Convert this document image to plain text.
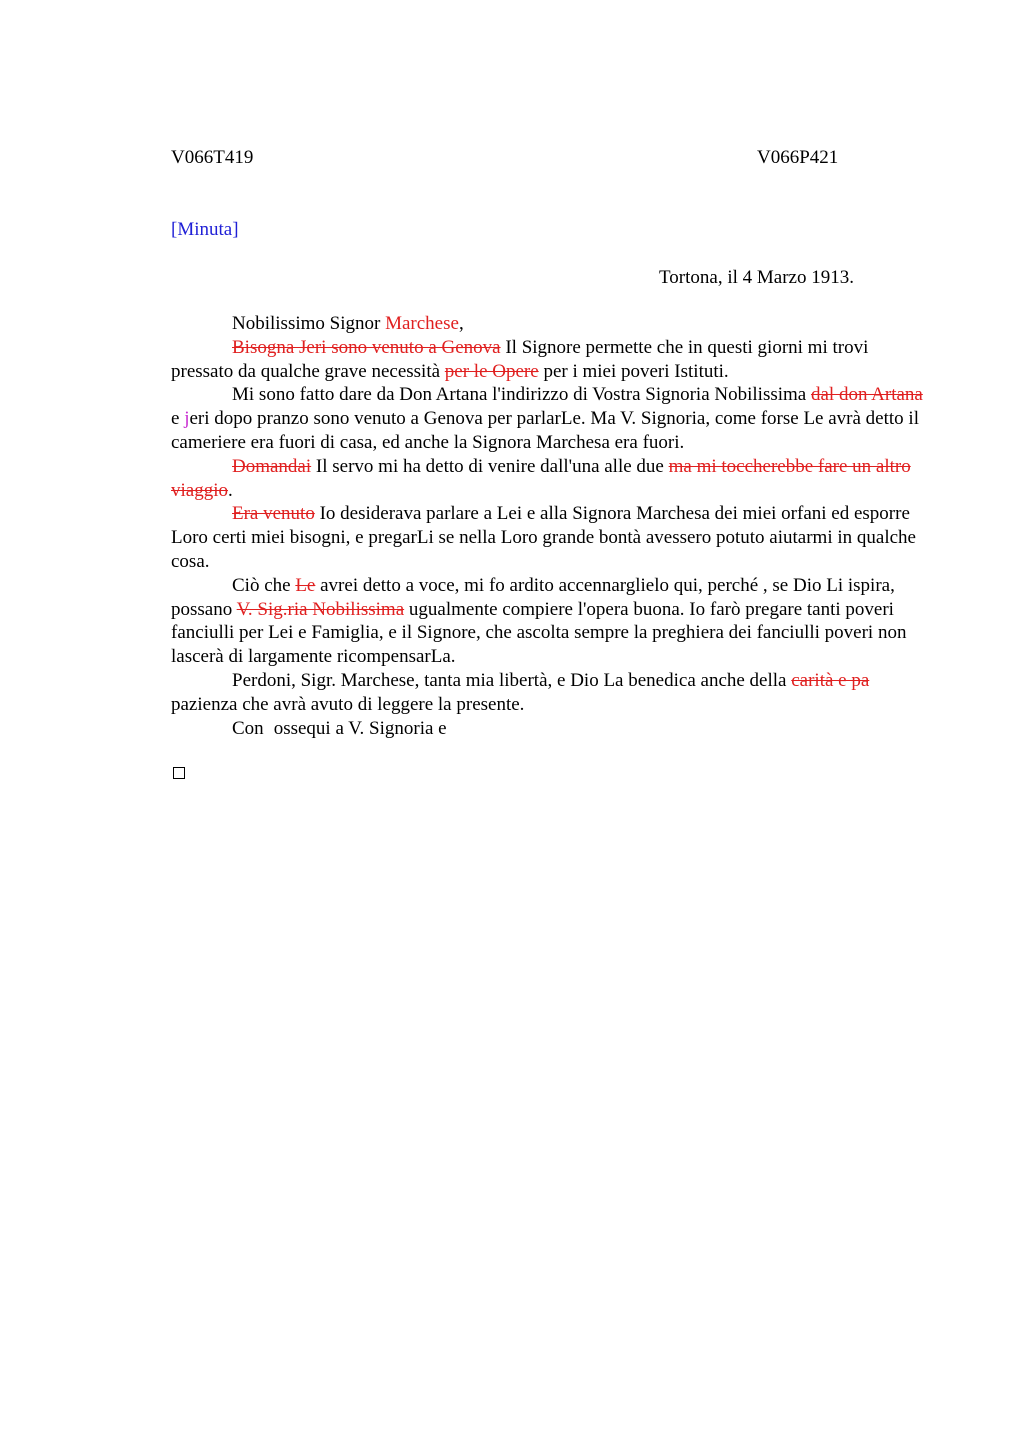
V066T419	V066P421
[Minuta]
Tortona, il 4 Marzo 1913.

Nobilissimo Signor Marchese,

Bisogna Jeri sono venuto a Genova Il Signore permette che in questi giorni mi trovi pressato da qualche grave necessità per le Opere per i miei poveri Istituti.

Mi sono fatto dare da Don Artana l'indirizzo di Vostra Signoria Nobilissima dal don Artana e jeri dopo pranzo sono venuto a Genova per parlarLe. Ma V. Signoria, come forse Le avrà detto il cameriere era fuori di casa, ed anche la Signora Marchesa era fuori.

Domandai Il servo mi ha detto di venire dall'una alle due ma mi toccherebbe fare un altro viaggio.

Era venuto Io desiderava parlare a Lei e alla Signora Marchesa dei miei orfani ed esporre Loro certi miei bisogni, e pregarLi se nella Loro grande bontà avessero potuto aiutarmi in qualche cosa.

Ciò che Le avrei detto a voce, mi fo ardito accennarglielo qui, perché , se Dio Li ispira, possano V. Sig.ria Nobilissima ugualmente compiere l'opera buona. Io farò pregare tanti poveri fanciulli per Lei e Famiglia, e il Signore, che ascolta sempre la preghiera dei fanciulli poveri non lascerà di largamente ricompensarLa.

Perdoni, Sigr. Marchese, tanta mia libertà, e Dio La benedica anche della carità e pa pazienza che avrà avuto di leggere la presente.

Con ossequi a V. Signoria e
